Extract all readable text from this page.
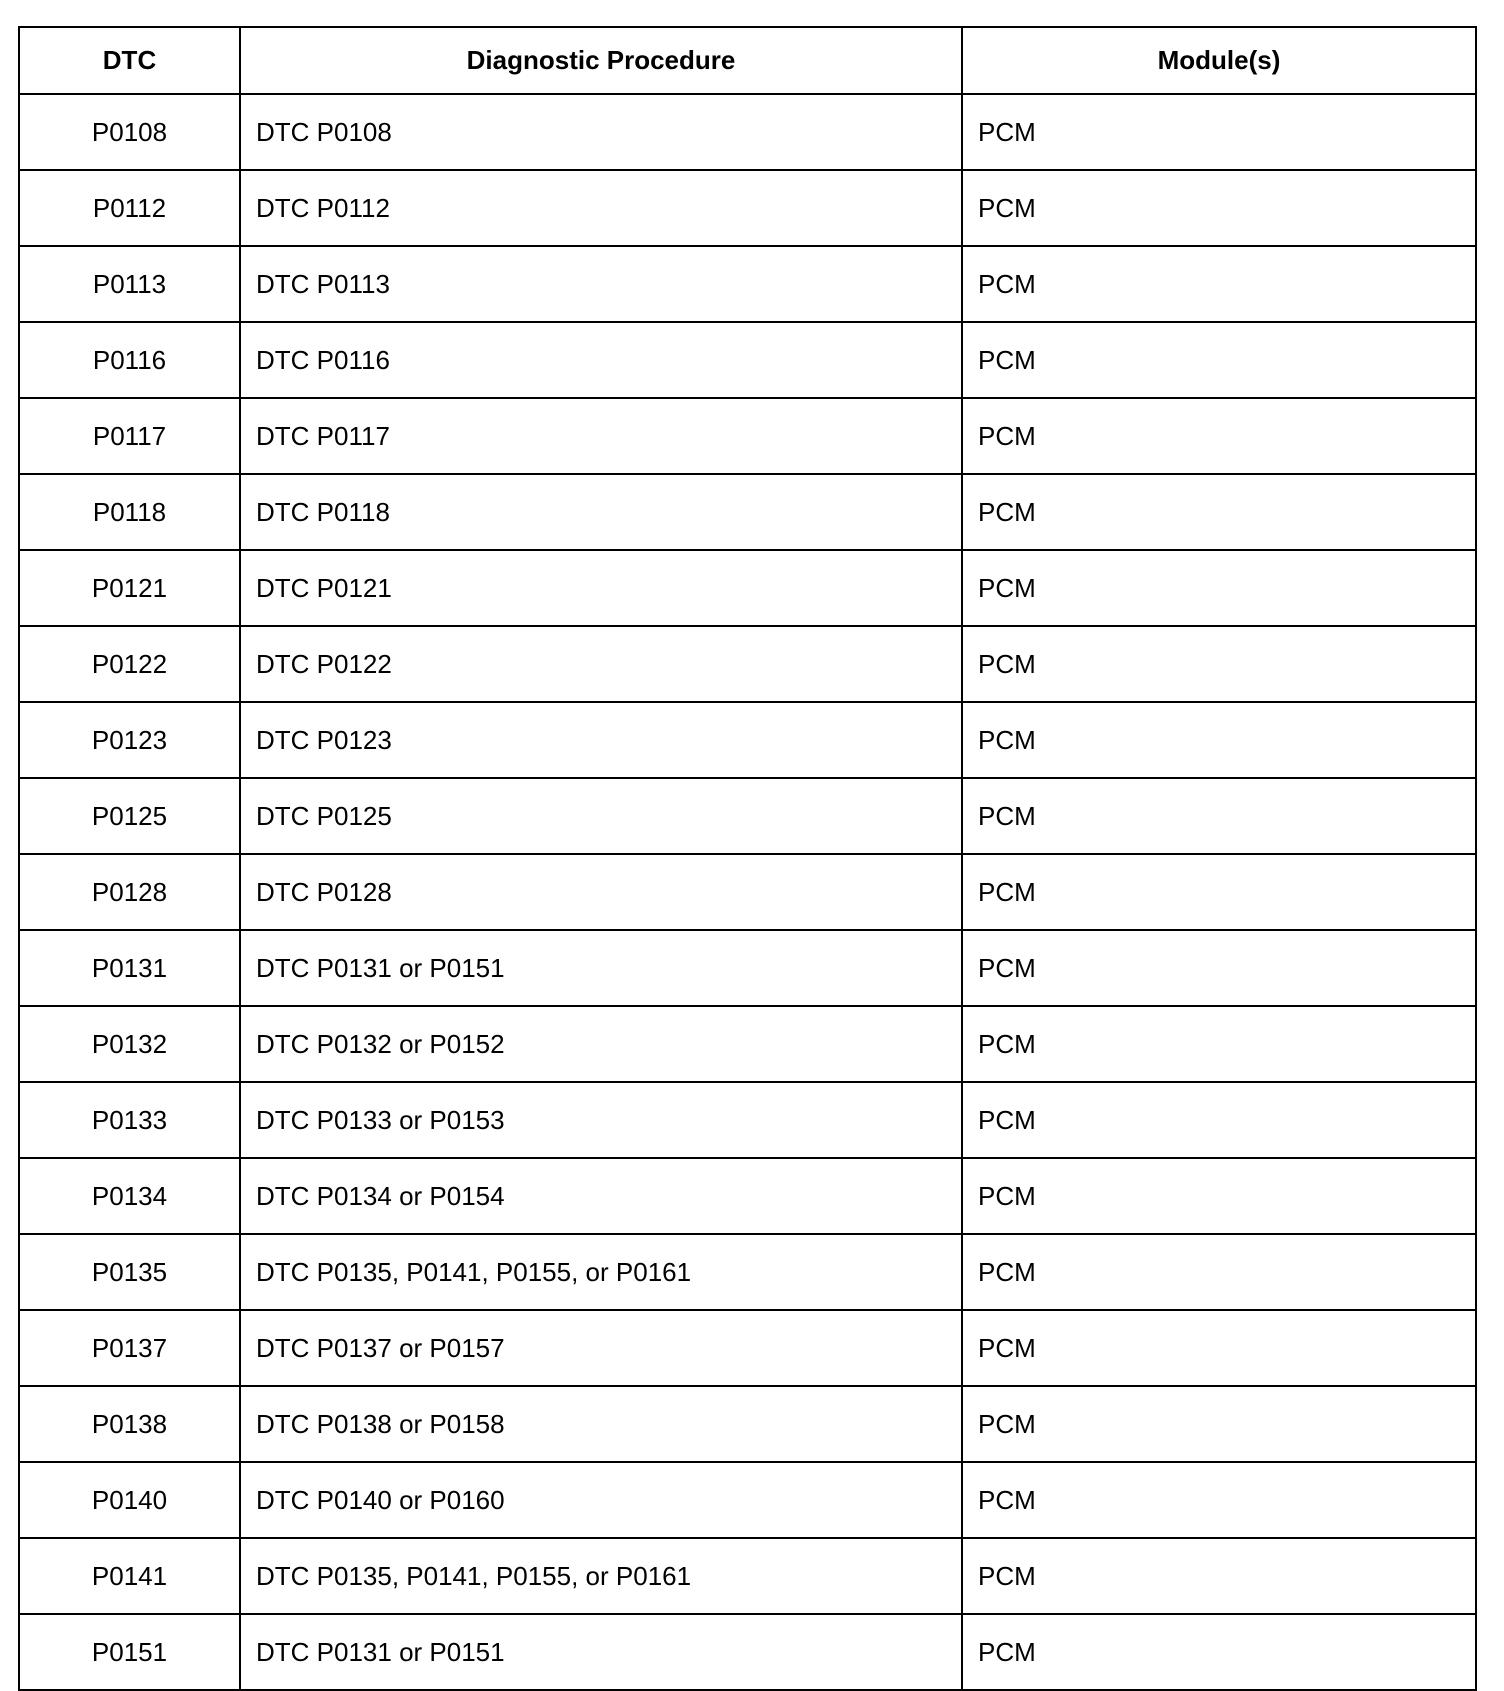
DTC	Diagnostic Procedure	Module(s)
P0108	DTC P0108	PCM
P0112	DTC P0112	PCM
P0113	DTC P0113	PCM
P0116	DTC P0116	PCM
P0117	DTC P0117	PCM
P0118	DTC P0118	PCM
P0121	DTC P0121	PCM
P0122	DTC P0122	PCM
P0123	DTC P0123	PCM
P0125	DTC P0125	PCM
P0128	DTC P0128	PCM
P0131	DTC P0131 or P0151	PCM
P0132	DTC P0132 or P0152	PCM
P0133	DTC P0133 or P0153	PCM
P0134	DTC P0134 or P0154	PCM
P0135	DTC P0135, P0141, P0155, or P0161	PCM
P0137	DTC P0137 or P0157	PCM
P0138	DTC P0138 or P0158	PCM
P0140	DTC P0140 or P0160	PCM
P0141	DTC P0135, P0141, P0155, or P0161	PCM
P0151	DTC P0131 or P0151	PCM
